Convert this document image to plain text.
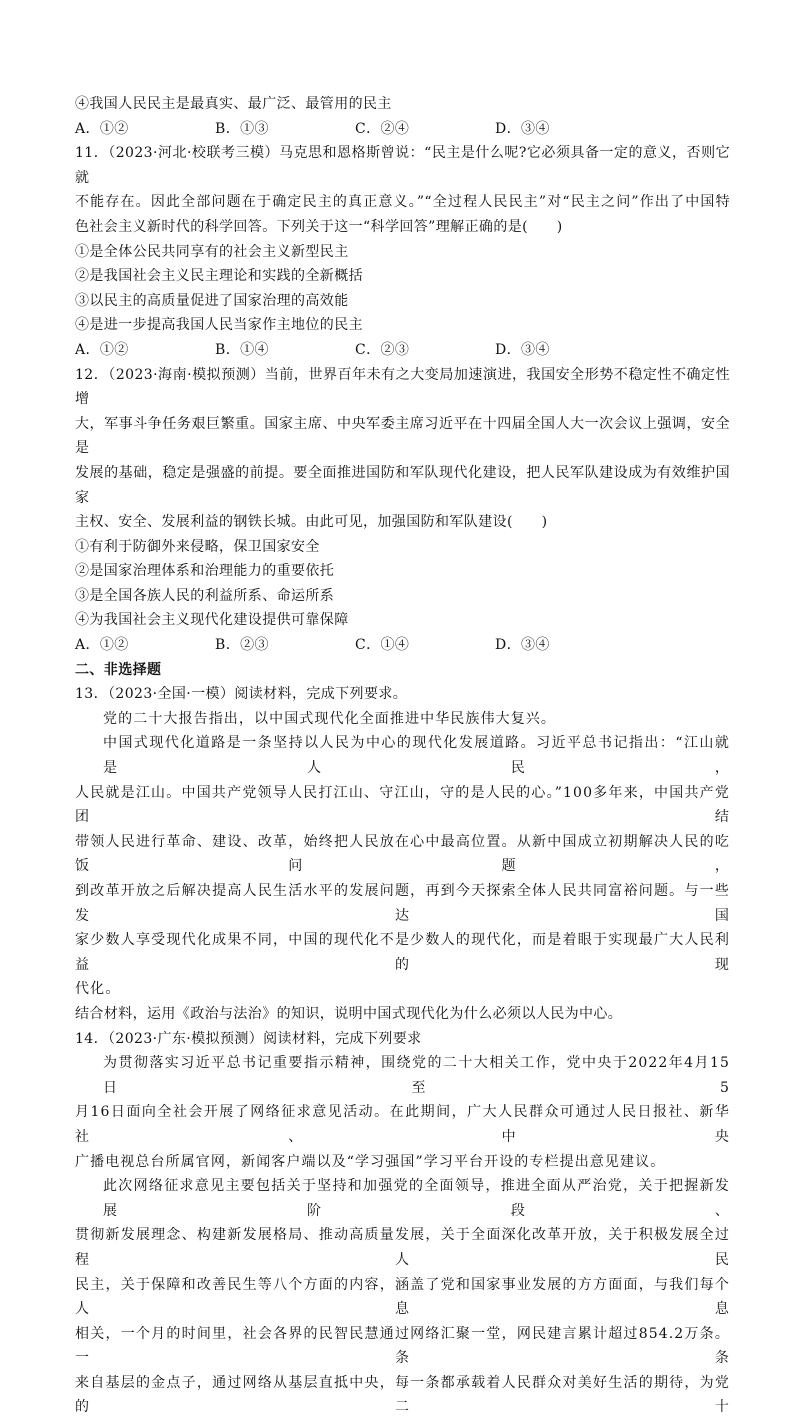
④我国人民民主是最真实、最广泛、最管用的民主
A．①②	B．①③	C．②④	D．③④
11．（2023·河北·校联考三模）马克思和恩格斯曾说：“民主是什么呢?它必须具备一定的意义，否则它就
不能存在。因此全部问题在于确定民主的真正意义。”“全过程人民民主”对“民主之问”作出了中国特
色社会主义新时代的科学回答。下列关于这一“科学回答”理解正确的是(　　)
①是全体公民共同享有的社会主义新型民主
②是我国社会主义民主理论和实践的全新概括
③以民主的高质量促进了国家治理的高效能
④是进一步提高我国人民当家作主地位的民主
A．①②	B．①④	C．②③	D．③④
12．（2023·海南·模拟预测）当前，世界百年未有之大变局加速演进，我国安全形势不稳定性不确定性增
大，军事斗争任务艰巨繁重。国家主席、中央军委主席习近平在十四届全国人大一次会议上强调，安全是
发展的基础，稳定是强盛的前提。要全面推进国防和军队现代化建设，把人民军队建设成为有效维护国家
主权、安全、发展利益的钢铁长城。由此可见，加强国防和军队建设(　　)
①有利于防御外来侵略，保卫国家安全
②是国家治理体系和治理能力的重要依托
③是全国各族人民的利益所系、命运所系
④为我国社会主义现代化建设提供可靠保障
A．①②	B．②③	C．①④	D．③④
二、非选择题
13．（2023·全国·一模）阅读材料，完成下列要求。
党的二十大报告指出，以中国式现代化全面推进中华民族伟大复兴。
中国式现代化道路是一条坚持以人民为中心的现代化发展道路。习近平总书记指出：“江山就是人民，
人民就是江山。中国共产党领导人民打江山、守江山，守的是人民的心。”100多年来，中国共产党团结
带领人民进行革命、建设、改革，始终把人民放在心中最高位置。从新中国成立初期解决人民的吃饭问题，
到改革开放之后解决提高人民生活水平的发展问题，再到今天探索全体人民共同富裕问题。与一些发达国
家少数人享受现代化成果不同，中国的现代化不是少数人的现代化，而是着眼于实现最广大人民利益的现
代化。
结合材料，运用《政治与法治》的知识，说明中国式现代化为什么必须以人民为中心。
14．（2023·广东·模拟预测）阅读材料，完成下列要求
为贯彻落实习近平总书记重要指示精神，围绕党的二十大相关工作，党中央于2022年4月15日至5
月16日面向全社会开展了网络征求意见活动。在此期间，广大人民群众可通过人民日报社、新华社、中央
广播电视总台所属官网，新闻客户端以及“学习强国”学习平台开设的专栏提出意见建议。
此次网络征求意见主要包括关于坚持和加强党的全面领导，推进全面从严治党，关于把握新发展阶段、
贯彻新发展理念、构建新发展格局、推动高质量发展，关于全面深化改革开放，关于积极发展全过程人民
民主，关于保障和改善民生等八个方面的内容，涵盖了党和国家事业发展的方方面面，与我们每个人息息
相关，一个月的时间里，社会各界的民智民慧通过网络汇聚一堂，网民建言累计超过854.2万条。一条条
来自基层的金点子，通过网络从基层直抵中央，每一条都承载着人民群众对美好生活的期待，为党的二十
